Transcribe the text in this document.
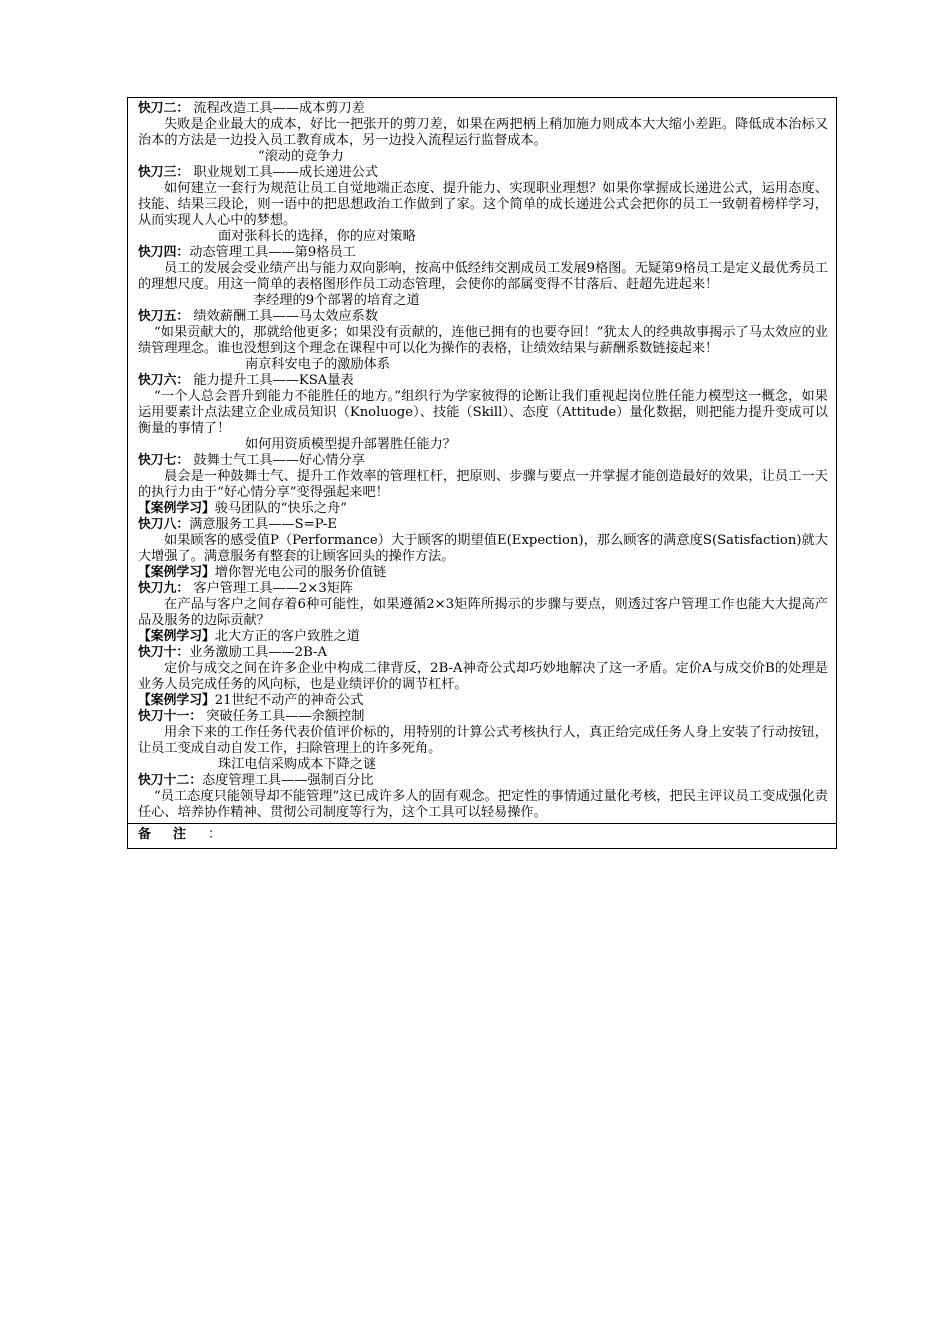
快刀二： 流程改造工具——成本剪刀差
失败是企业最大的成本，好比一把张开的剪刀差，如果在两把柄上稍加施力则成本大大缩小差距。降低成本治标又治本的方法是一边投入员工教育成本，另一边投入流程运行监督成本。
“滚动的竞争力
快刀三： 职业规划工具——成长递进公式
如何建立一套行为规范让员工自觉地端正态度、提升能力、实现职业理想？如果你掌握成长递进公式，运用态度、技能、结果三段论，则一语中的把思想政治工作做到了家。这个简单的成长递进公式会把你的员工一致朝着榜样学习，从而实现人人心中的梦想。
面对张科长的选择，你的应对策略
快刀四：动态管理工具——第9格员工
员工的发展会受业绩产出与能力双向影响，按高中低经纬交割成员工发展9格图。无疑第9格员工是定义最优秀员工的理想尺度。用这一简单的表格图形作员工动态管理，会使你的部属变得不甘落后、赶超先进起来！
李经理的9个部署的培育之道
快刀五： 绩效薪酬工具——马太效应系数
“如果贡献大的，那就给他更多；如果没有贡献的，连他已拥有的也要夺回！”犹太人的经典故事揭示了马太效应的业绩管理理念。谁也没想到这个理念在课程中可以化为操作的表格，让绩效结果与薪酬系数链接起来！
南京科安电子的激励体系
快刀六： 能力提升工具——KSA量表
“一个人总会晋升到能力不能胜任的地方。”组织行为学家彼得的论断让我们重视起岗位胜任能力模型这一概念，如果运用要素计点法建立企业成员知识（Knoluoge）、技能（Skill）、态度（Attitude）量化数据，则把能力提升变成可以衡量的事情了！
如何用资质模型提升部署胜任能力？
快刀七： 鼓舞士气工具——好心情分享
晨会是一种鼓舞士气、提升工作效率的管理杠杆，把原则、步骤与要点一并掌握才能创造最好的效果，让员工一天的执行力由于“好心情分享”变得强起来吧！
【案例学习】骏马团队的“快乐之舟”
快刀八：满意服务工具——S=P-E
如果顾客的感受值P（Performance）大于顾客的期望值E(Expection)，那么顾客的满意度S(Satisfaction)就大大增强了。满意服务有整套的让顾客回头的操作方法。
【案例学习】增你智光电公司的服务价值链
快刀九： 客户管理工具——2×3矩阵
在产品与客户之间存着6种可能性，如果遵循2×3矩阵所揭示的步骤与要点，则透过客户管理工作也能大大提高产品及服务的边际贡献？
【案例学习】北大方正的客户致胜之道
快刀十：业务激励工具——2B-A
定价与成交之间在许多企业中构成二律背反，2B-A神奇公式却巧妙地解决了这一矛盾。定价A与成交价B的处理是业务人员完成任务的风向标，也是业绩评价的调节杠杆。
【案例学习】21世纪不动产的神奇公式
快刀十一： 突破任务工具——余额控制
用余下来的工作任务代表价值评价标的，用特别的计算公式考核执行人，真正给完成任务人身上安装了行动按钮，让员工变成自动自发工作，扫除管理上的许多死角。
珠江电信采购成本下降之谜
快刀十二：态度管理工具——强制百分比
“员工态度只能领导却不能管理”这已成许多人的固有观念。把定性的事情通过量化考核，把民主评议员工变成强化责任心、培养协作精神、贯彻公司制度等行为，这个工具可以轻易操作。
备注：
